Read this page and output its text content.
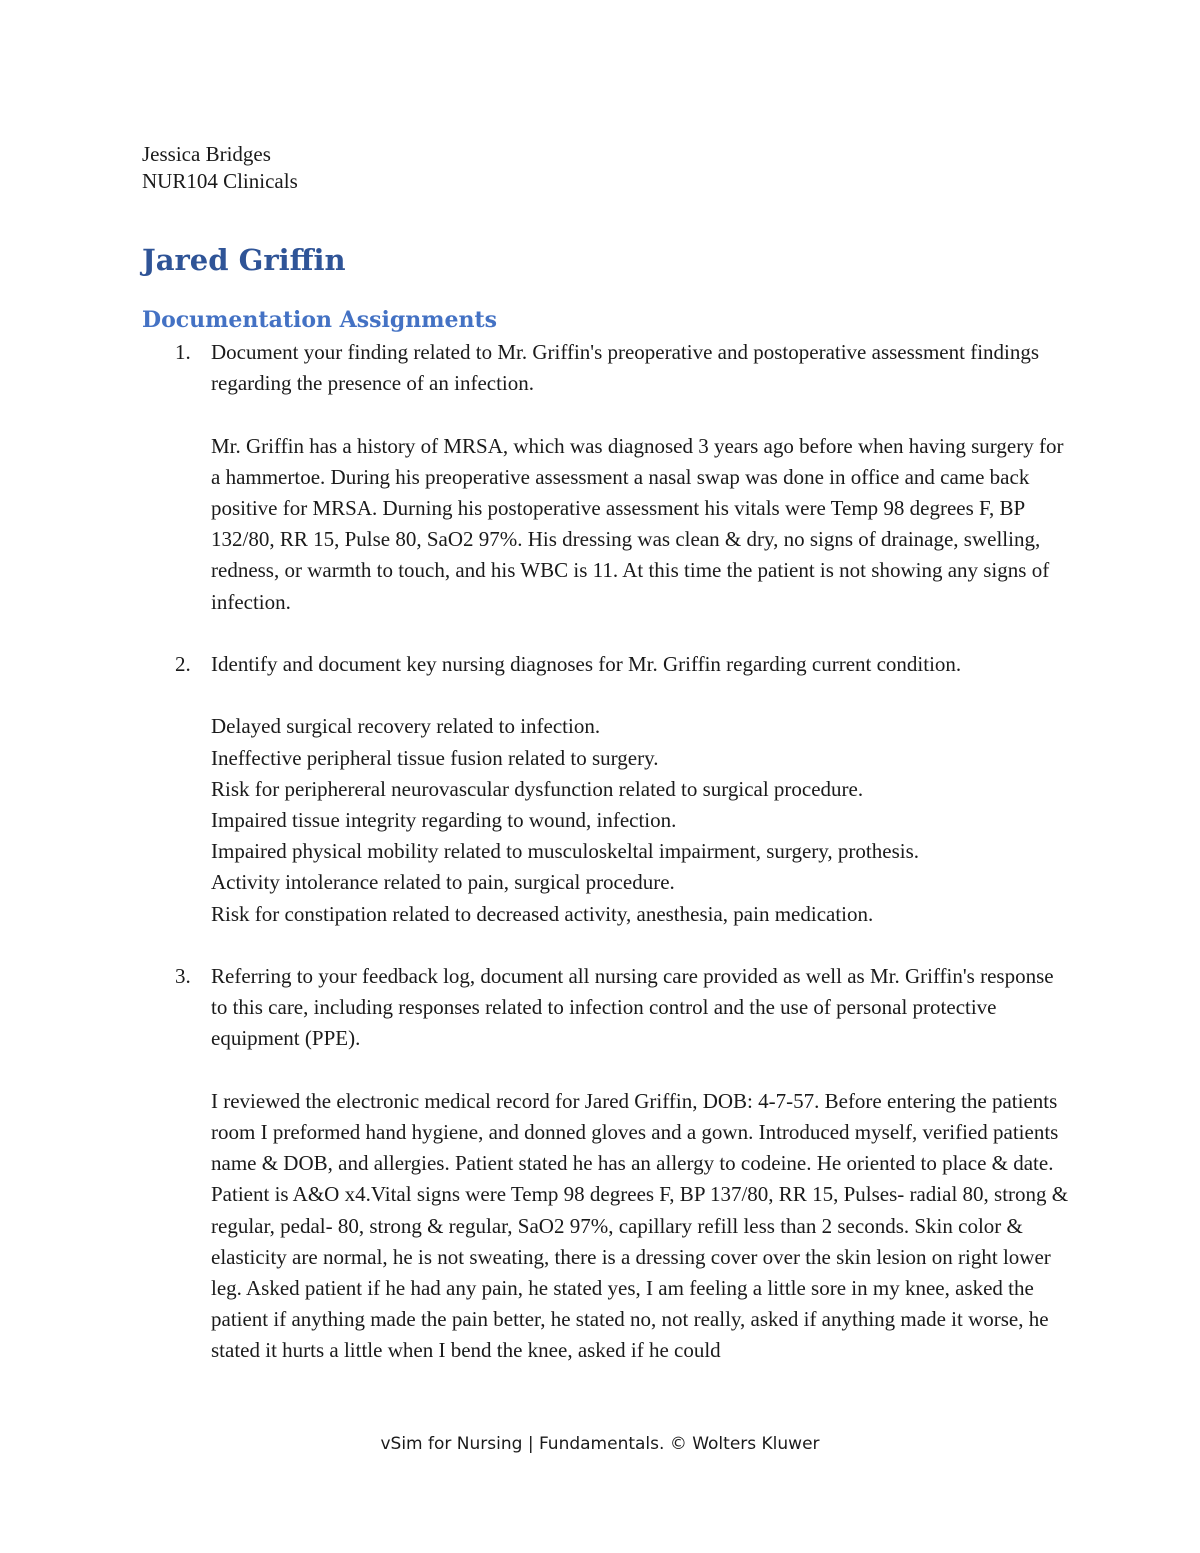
Jessica Bridges
NUR104 Clinicals
Jared Griffin
Documentation Assignments
1. Document your finding related to Mr. Griffin's preoperative and postoperative assessment findings regarding the presence of an infection.

Mr. Griffin has a history of MRSA, which was diagnosed 3 years ago before when having surgery for a hammertoe. During his preoperative assessment a nasal swap was done in office and came back positive for MRSA. Durning his postoperative assessment his vitals were Temp 98 degrees F, BP 132/80, RR 15, Pulse 80, SaO2 97%. His dressing was clean & dry, no signs of drainage, swelling, redness, or warmth to touch, and his WBC is 11. At this time the patient is not showing any signs of infection.

2. Identify and document key nursing diagnoses for Mr. Griffin regarding current condition.

Delayed surgical recovery related to infection.
Ineffective peripheral tissue fusion related to surgery.
Risk for periphereral neurovascular dysfunction related to surgical procedure.
Impaired tissue integrity regarding to wound, infection.
Impaired physical mobility related to musculoskeltal impairment, surgery, prothesis.
Activity intolerance related to pain, surgical procedure.
Risk for constipation related to decreased activity, anesthesia, pain medication.
3. Referring to your feedback log, document all nursing care provided as well as Mr. Griffin's response to this care, including responses related to infection control and the use of personal protective equipment (PPE).

I reviewed the electronic medical record for Jared Griffin, DOB: 4-7-57. Before entering the patients room I preformed hand hygiene, and donned gloves and a gown. Introduced myself, verified patients name & DOB, and allergies. Patient stated he has an allergy to codeine. He oriented to place & date. Patient is A&O x4.Vital signs were Temp 98 degrees F, BP 137/80, RR 15, Pulses- radial 80, strong & regular, pedal- 80, strong & regular, SaO2 97%, capillary refill less than 2 seconds. Skin color & elasticity are normal, he is not sweating, there is a dressing cover over the skin lesion on right lower leg. Asked patient if he had any pain, he stated yes, I am feeling a little sore in my knee, asked the patient if anything made the pain better, he stated no, not really, asked if anything made it worse, he stated it hurts a little when I bend the knee, asked if he could

vSim for Nursing | Fundamentals. © Wolters Kluwer
